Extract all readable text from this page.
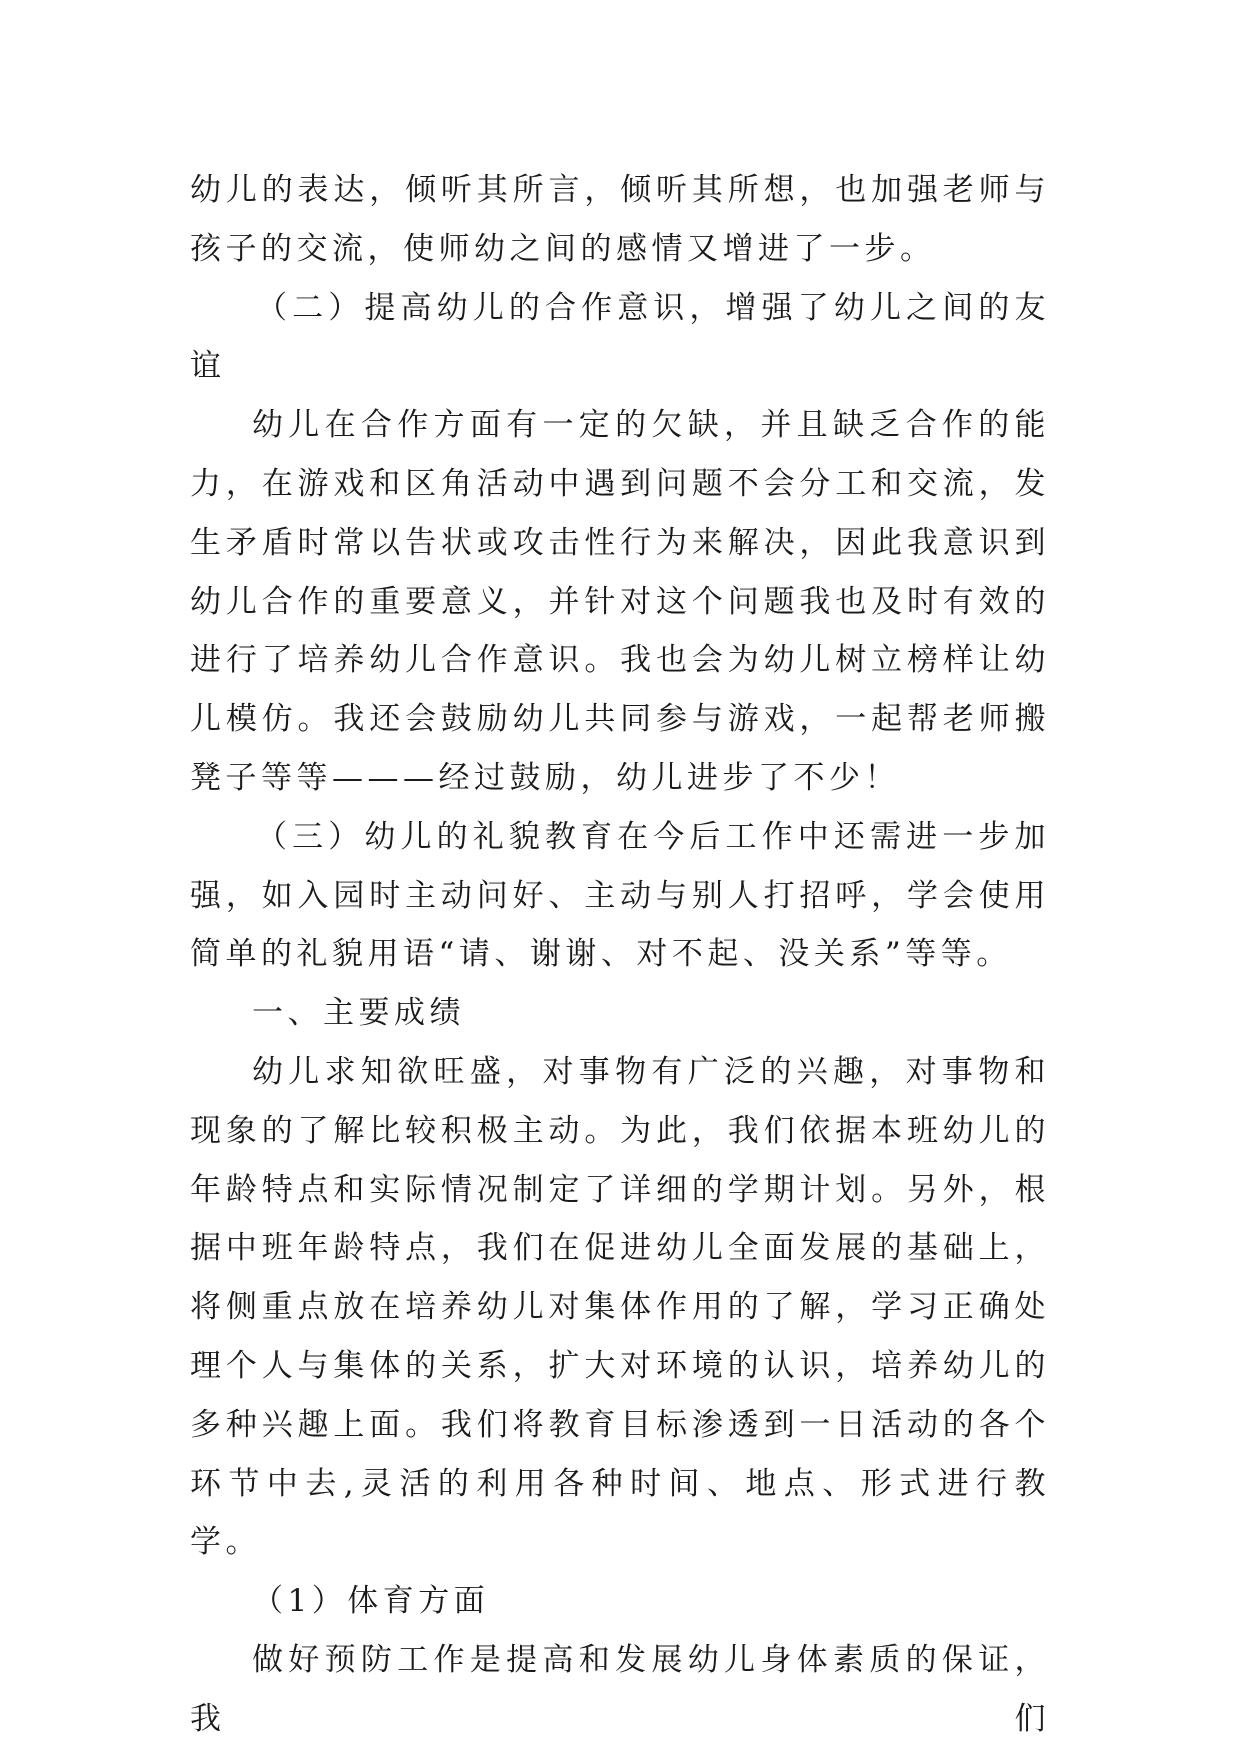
幼儿的表达，倾听其所言，倾听其所想，也加强老师与孩子的交流，使师幼之间的感情又增进了一步。

（二）提高幼儿的合作意识，增强了幼儿之间的友谊

幼儿在合作方面有一定的欠缺，并且缺乏合作的能力，在游戏和区角活动中遇到问题不会分工和交流，发生矛盾时常以告状或攻击性行为来解决，因此我意识到幼儿合作的重要意义，并针对这个问题我也及时有效的进行了培养幼儿合作意识。我也会为幼儿树立榜样让幼儿模仿。我还会鼓励幼儿共同参与游戏，一起帮老师搬凳子等等———经过鼓励，幼儿进步了不少！

（三）幼儿的礼貌教育在今后工作中还需进一步加强，如入园时主动问好、主动与别人打招呼，学会使用简单的礼貌用语“请、谢谢、对不起、没关系”等等。

一、主要成绩

幼儿求知欲旺盛，对事物有广泛的兴趣，对事物和现象的了解比较积极主动。为此，我们依据本班幼儿的年龄特点和实际情况制定了详细的学期计划。另外，根据中班年龄特点，我们在促进幼儿全面发展的基础上，将侧重点放在培养幼儿对集体作用的了解，学习正确处理个人与集体的关系，扩大对环境的认识，培养幼儿的多种兴趣上面。我们将教育目标渗透到一日活动的各个环节中去,灵活的利用各种时间、地点、形式进行教学。

（1）体育方面

做好预防工作是提高和发展幼儿身体素质的保证，我们
